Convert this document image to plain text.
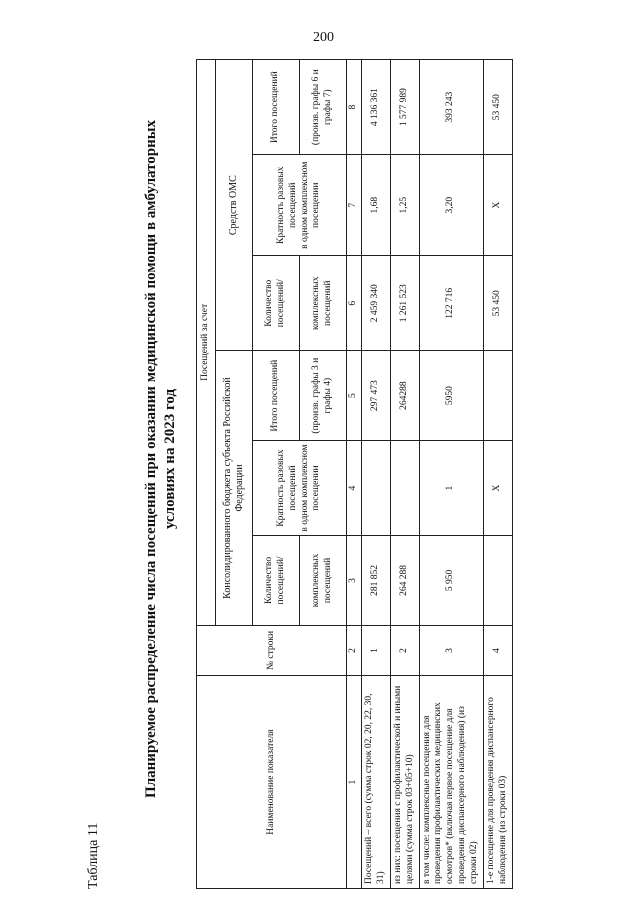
200
Таблица 11
Планируемое распределение числа посещений при оказании медицинской помощи в амбулаторных условиях на 2023 год
Наименование показателя	№ строки	Посещений за счет					
		Консолидированного бюджета субъекта Российской Федерации			Средств ОМС		
		Количество посещений/	Кратность разовых посещений в одном комплексном посещении	Итого посещений	Количество посещений/	Кратность разовых посещений в одном комплексном посещении	Итого посещений
		комплексных посещений		(произв. графы 3 и графы 4)	комплексных посещений		(произв. графы 6 и графы 7)
1	2	3	4	5	6	7	8
Посещений – всего (сумма строк 02, 20, 22, 30, 31)	1	281 852		297 473	2 459 340	1,68	4 136 361
из них: посещения с профилактической и иными целями (сумма строк 03+05+10)	2	264 288		264288	1 261 523	1,25	1 577 989
в том числе: комплексные посещения для проведения профилактических медицинских осмотров* (включая первое посещение для проведения диспансерного наблюдения) (из строки 02)	3	5 950	1	5950	122 716	3,20	393 243
1-е посещение для проведения диспансерного наблюдения (из строки 03)	4		Х		53 450	Х	53 450
